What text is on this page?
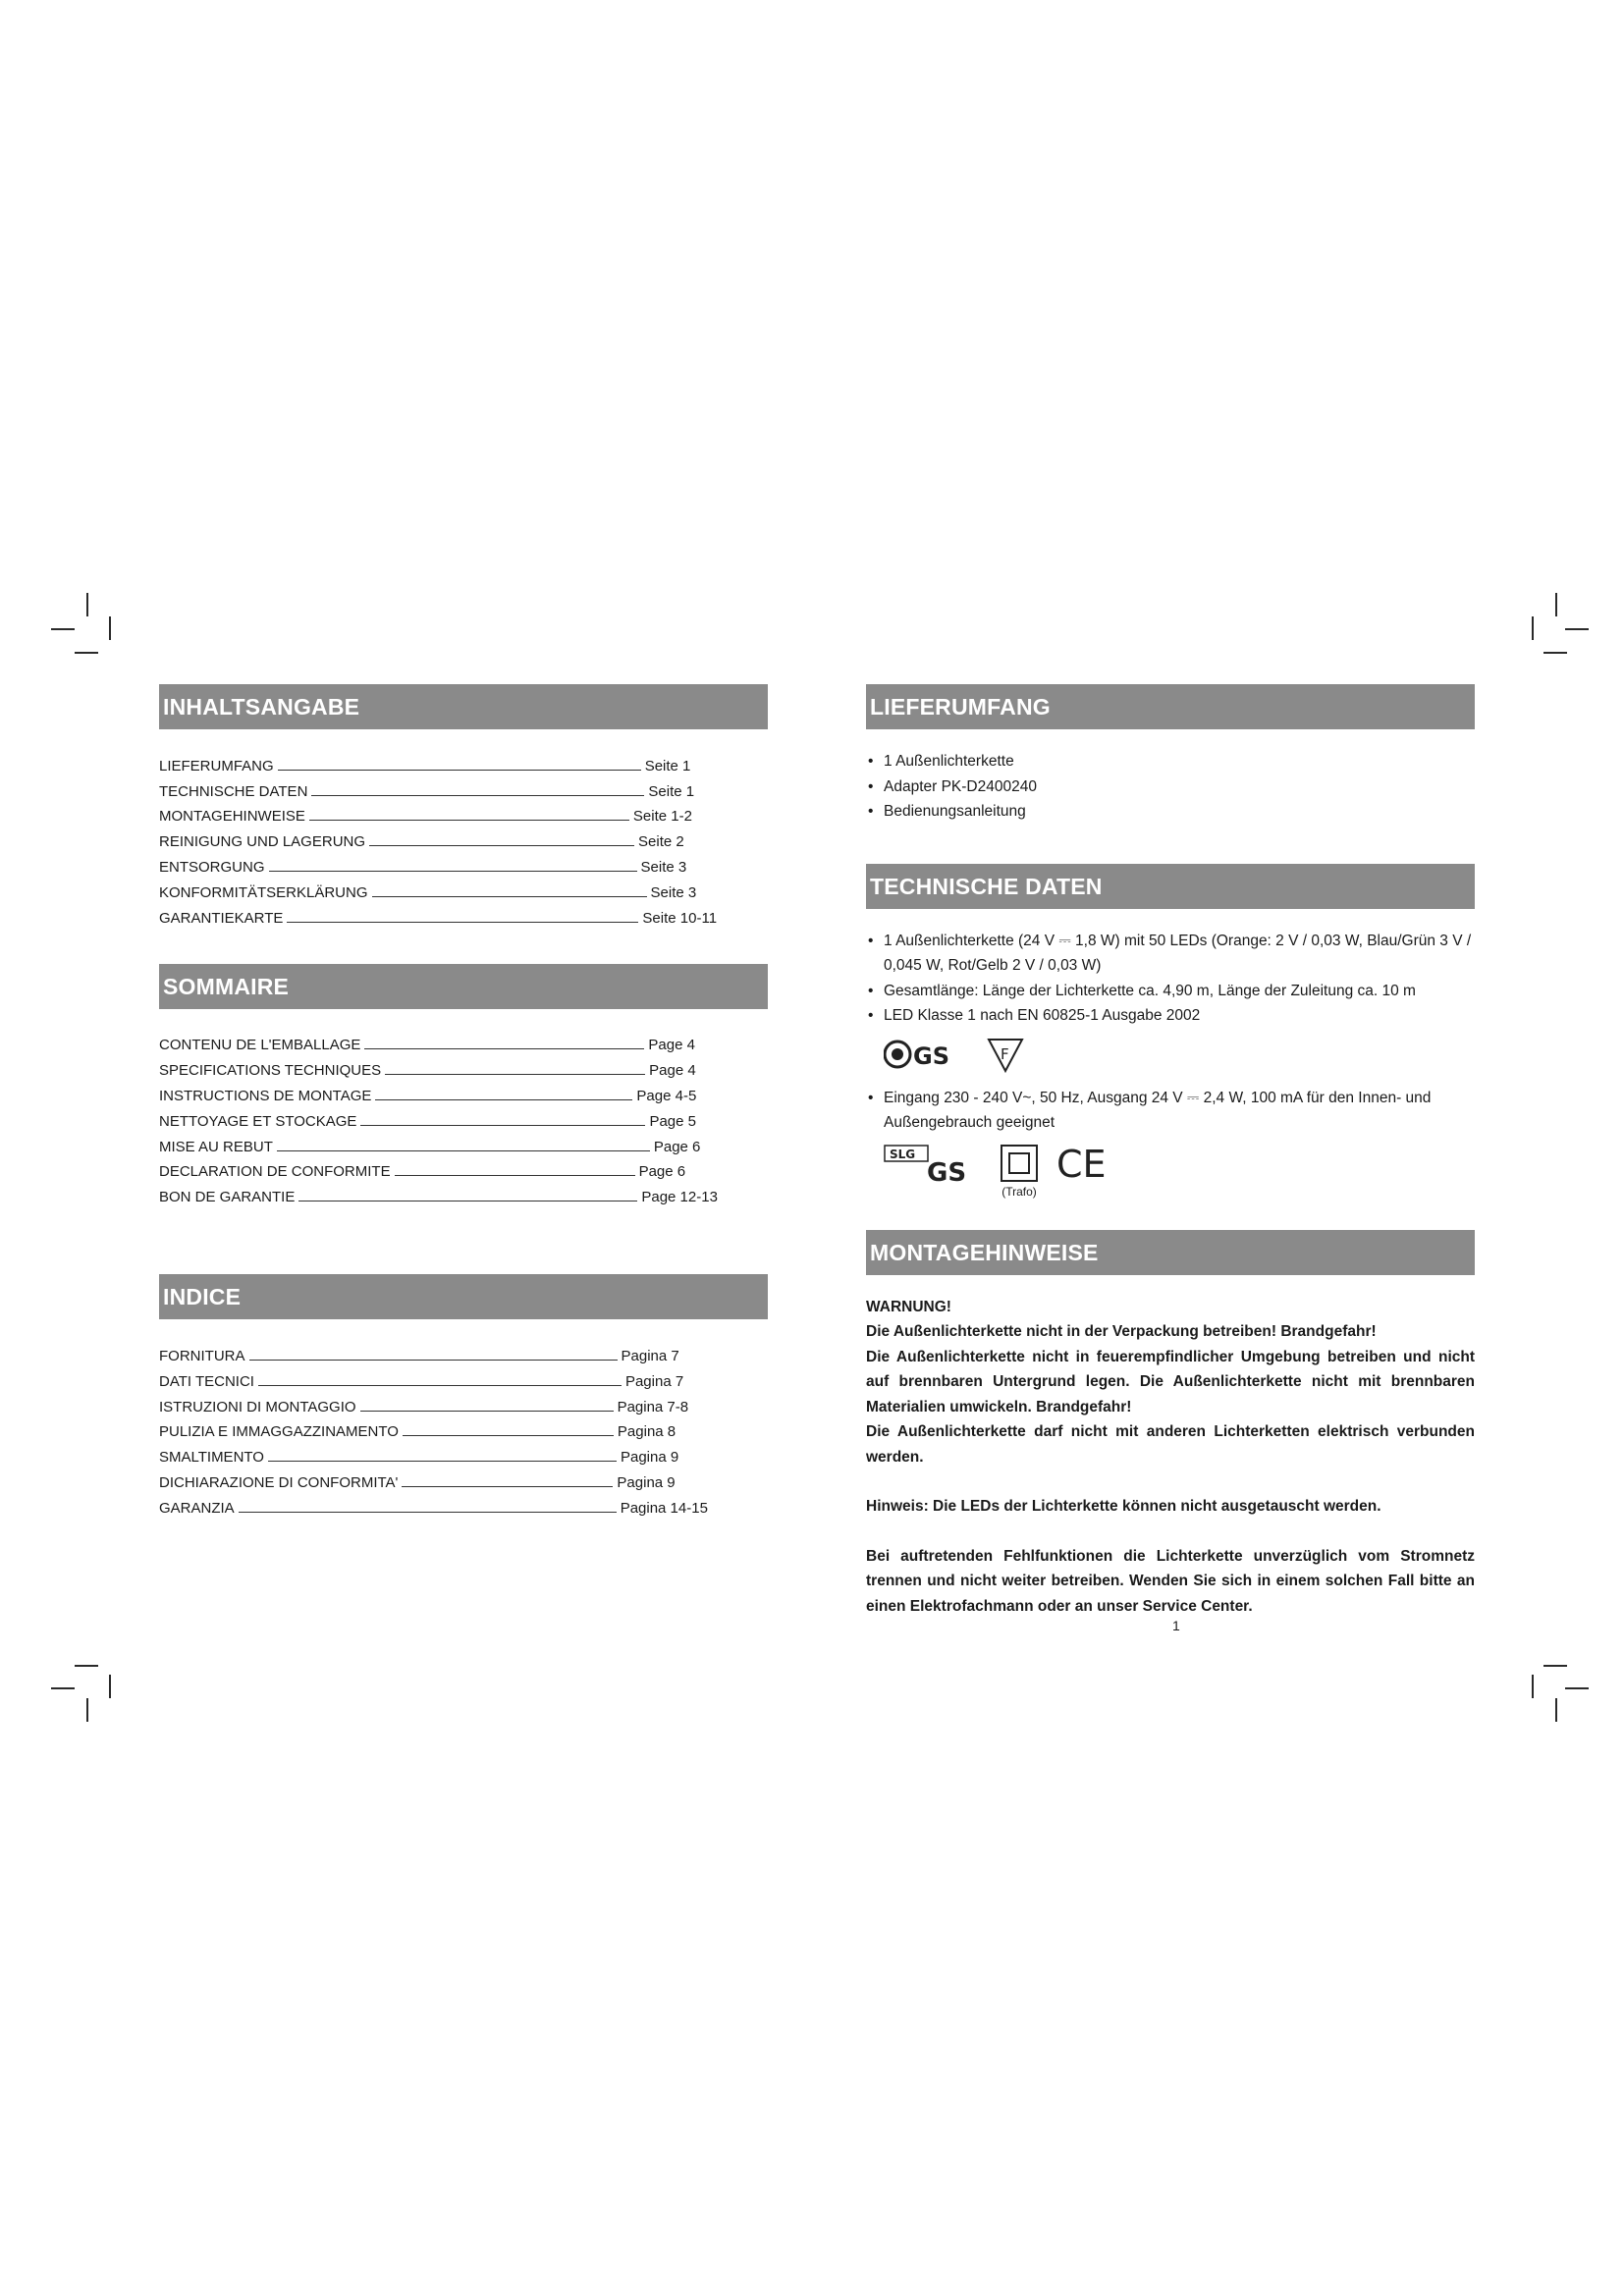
INHALTSANGABE
LIEFERUMFANG	Seite 1
TECHNISCHE DATEN	Seite 1
MONTAGEHINWEISE	Seite 1-2
REINIGUNG UND LAGERUNG	Seite 2
ENTSORGUNG	Seite 3
KONFORMITÄTSERKLÄRUNG	Seite 3
GARANTIEKARTE	Seite 10-11
SOMMAIRE
CONTENU DE L'EMBALLAGE	Page 4
SPECIFICATIONS TECHNIQUES	Page 4
INSTRUCTIONS DE MONTAGE	Page 4-5
NETTOYAGE ET STOCKAGE	Page 5
MISE AU REBUT	Page 6
DECLARATION DE CONFORMITE	Page 6
BON DE GARANTIE	Page 12-13
INDICE
FORNITURA	Pagina 7
DATI TECNICI	Pagina 7
ISTRUZIONI DI MONTAGGIO	Pagina 7-8
PULIZIA E IMMAGGAZZINAMENTO	Pagina 8
SMALTIMENTO	Pagina 9
DICHIARAZIONE DI CONFORMITA'	Pagina 9
GARANZIA	Pagina 14-15
LIEFERUMFANG
• 1 Außenlichterkette
• Adapter PK-D2400240
• Bedienungsanleitung
TECHNISCHE DATEN
• 1 Außenlichterkette (24 V ⎓ 1,8 W) mit 50 LEDs (Orange: 2 V / 0,03 W, Blau/Grün 3 V / 0,045 W, Rot/Gelb 2 V / 0,03 W)
• Gesamtlänge: Länge der Lichterkette ca. 4,90 m, Länge der Zuleitung ca. 10 m
• LED Klasse 1 nach EN 60825-1 Ausgabe 2002
GS	F
• Eingang 230 - 240 V~, 50 Hz, Ausgang 24 V ⎓ 2,4 W, 100 mA für den Innen- und Außengebrauch geeignet
SLG
GS
(Trafo)
CE
MONTAGEHINWEISE
WARNUNG!
Die Außenlichterkette nicht in der Verpackung betreiben! Brandgefahr!
Die Außenlichterkette nicht in feuerempfindlicher Umgebung betreiben und nicht auf brennbaren Untergrund legen. Die Außenlichterkette nicht mit brennbaren Materialien umwickeln. Brandgefahr!
Die Außenlichterkette darf nicht mit anderen Lichterketten elektrisch verbunden werden.
Hinweis: Die LEDs der Lichterkette können nicht ausgetauscht werden.
Bei auftretenden Fehlfunktionen die Lichterkette unverzüglich vom Stromnetz trennen und nicht weiter betreiben. Wenden Sie sich in einem solchen Fall bitte an einen Elektrofachmann oder an unser Service Center.
1
